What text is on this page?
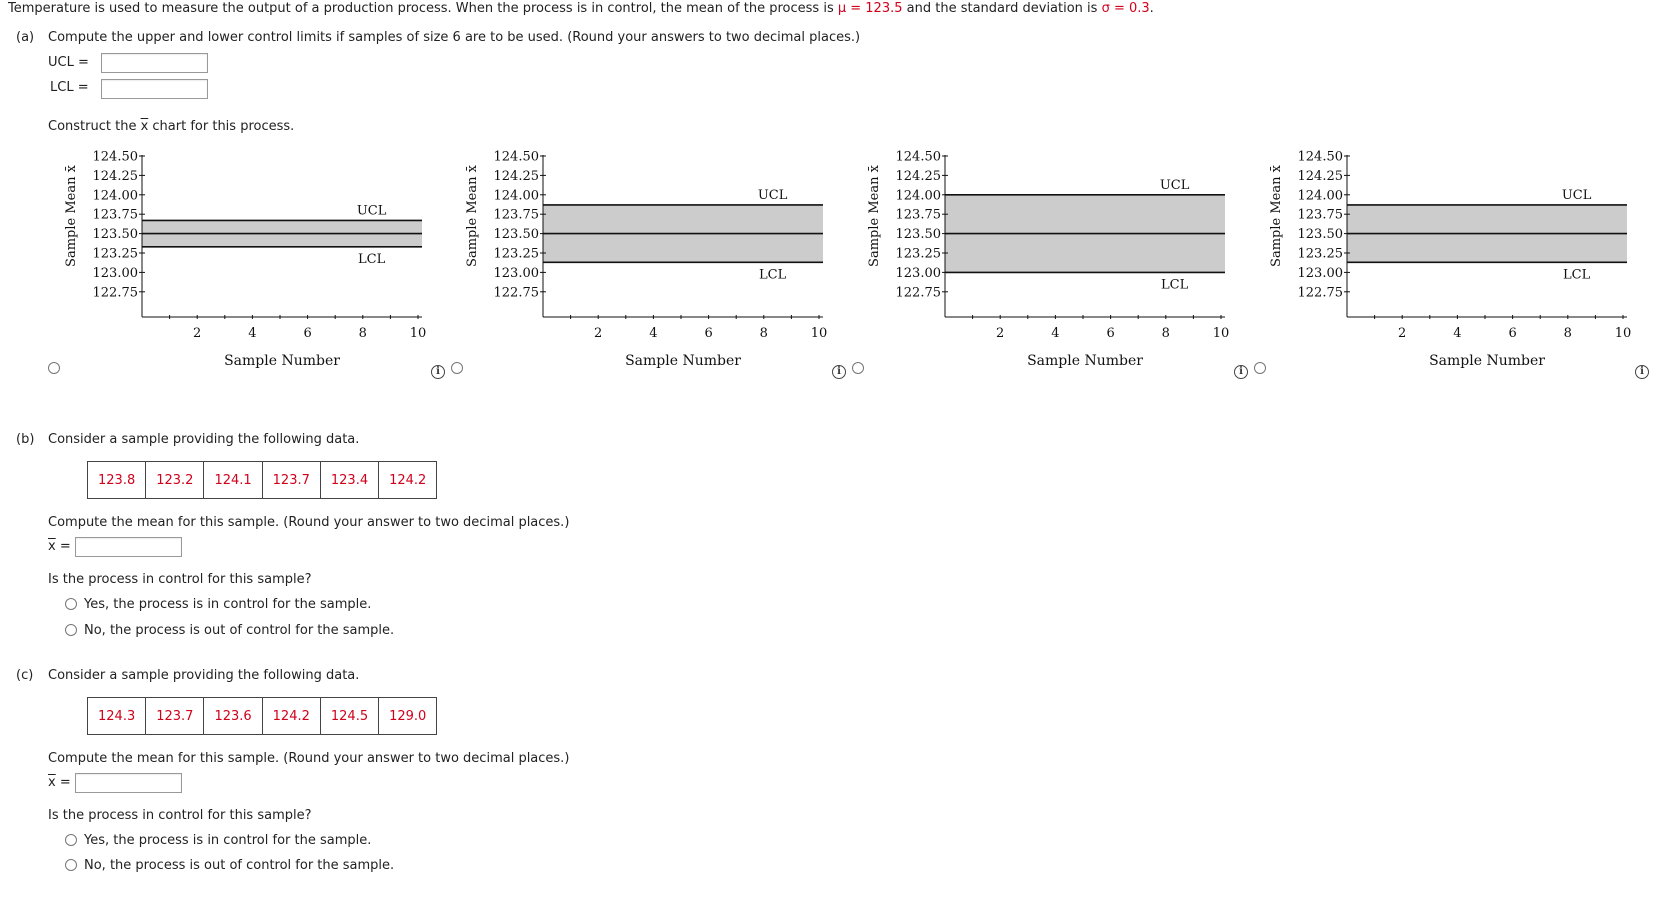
Temperature is used to measure the output of a production process. When the process is in control, the mean of the process is μ = 123.5 and the standard deviation is σ = 0.3.
(a) Compute the upper and lower control limits if samples of size 6 are to be used. (Round your answers to two decimal places.)
UCL =
LCL =
Construct the $\overline{x}$ chart for this process.
124.50
124.25
124.00
123.75
123.50
123.25
123.00
122.75
2	4	6	8	10
Sample Mean x̄
Sample Number
UCL
LCL
124.50
124.25
124.00
123.75
123.50
123.25
123.00
122.75
2	4	6	8	10
Sample Mean x̄
Sample Number
UCL
LCL
124.50
124.25
124.00
123.75
123.50
123.25
123.00
122.75
2	4	6	8	10
Sample Mean x̄
Sample Number
UCL
LCL
124.50
124.25
124.00
123.75
123.50
123.25
123.00
122.75
2	4	6	8	10
Sample Mean x̄
Sample Number
UCL
LCL
i	i	i	i
(b) Consider a sample providing the following data.
123.8	123.2	124.1	123.7	123.4	124.2
Compute the mean for this sample. (Round your answer to two decimal places.)
$\overline{x}$ =
Is the process in control for this sample?
Yes, the process is in control for the sample.
No, the process is out of control for the sample.
(c) Consider a sample providing the following data.
124.3	123.7	123.6	124.2	124.5	129.0
Compute the mean for this sample. (Round your answer to two decimal places.)
$\overline{x}$ =
Is the process in control for this sample?
Yes, the process is in control for the sample.
No, the process is out of control for the sample.
